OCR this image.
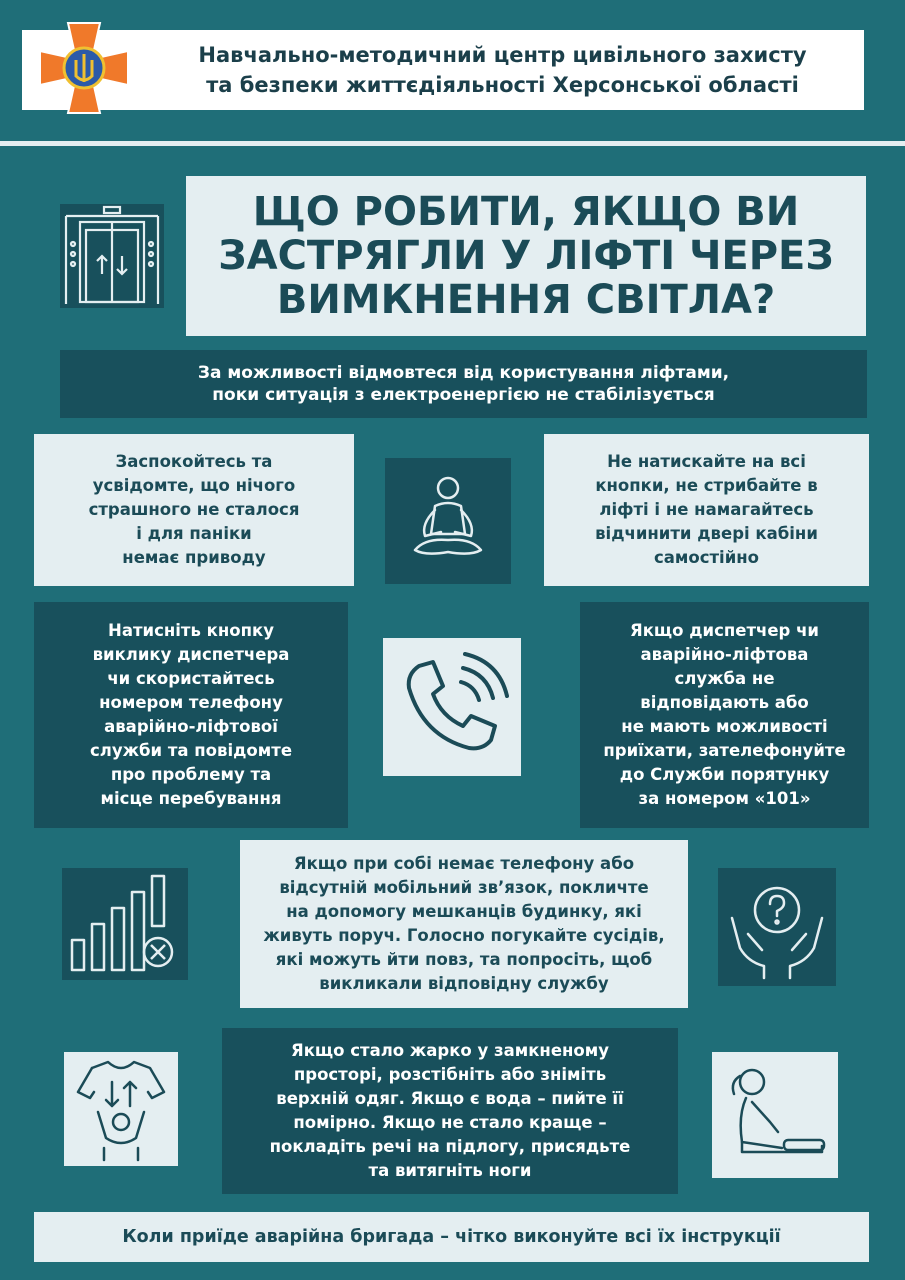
Навчально-методичний центр цивільного захисту
та безпеки життєдіяльності Херсонської області
ЩО РОБИТИ, ЯКЩО ВИ
ЗАСТРЯГЛИ У ЛІФТІ ЧЕРЕЗ
ВИМКНЕННЯ СВІТЛА?
За можливості відмовтеся від користування ліфтами,
поки ситуація з електроенергією не стабілізується
Заспокойтесь та
усвідомте, що нічого
страшного не сталося
і для паніки
немає приводу
Не натискайте на всі
кнопки, не стрибайте в
ліфті і не намагайтесь
відчинити двері кабіни
самостійно
Натисніть кнопку
виклику диспетчера
чи скористайтесь
номером телефону
аварійно-ліфтової
служби та повідомте
про проблему та
місце перебування
Якщо диспетчер чи
аварійно-ліфтова
служба не
відповідають або
не мають можливості
приїхати, зателефонуйте
до Служби порятунку
за номером «101»
Якщо при собі немає телефону або
відсутній мобільний зв’язок, покличте
на допомогу мешканців будинку, які
живуть поруч. Голосно погукайте сусідів,
які можуть йти повз, та попросіть, щоб
викликали відповідну службу
Якщо стало жарко у замкненому
просторі, розстібніть або зніміть
верхній одяг. Якщо є вода – пийте її
помірно. Якщо не стало краще –
покладіть речі на підлогу, присядьте
та витягніть ноги
Коли приїде аварійна бригада – чітко виконуйте всі їх інструкції
